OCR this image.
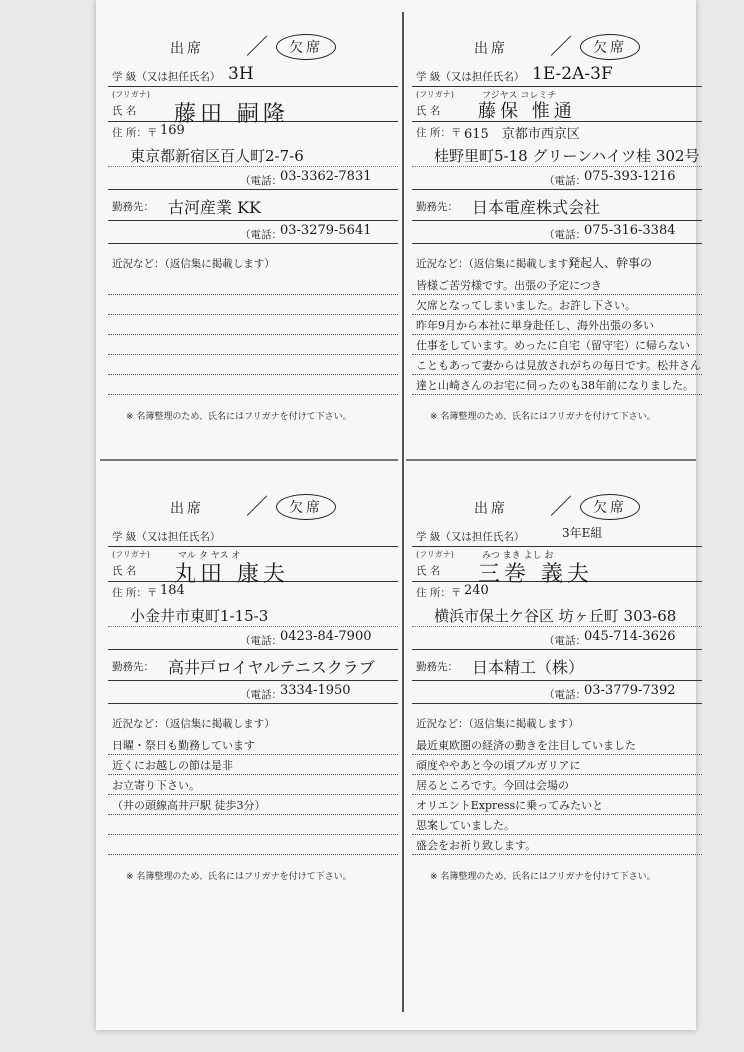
出席 ／	欠席
学 級（又は担任氏名） 3H
(フリガナ)
氏 名 藤田 嗣隆
住 所：〒 169
東京都新宿区百人町2-7-6
（電話：
03-3362-7831
勤務先： 古河産業 KK
（電話：
03-3279-5641
近況など：（返信集に掲載します）
※ 名簿整理のため、氏名にはフリガナを付けて下さい。
出席 ／	欠席
学 級（又は担任氏名） 1E-2A-3F
(フリガナ)	フジヤス コレミチ
氏 名 藤保 惟通
住 所：〒 615　京都市西京区
桂野里町5-18 グリーンハイツ桂 302号
（電話：
075-393-1216
勤務先： 日本電産株式会社
（電話：
075-316-3384
近況など：（返信集に掲載します）
発起人、幹事の
皆様ご苦労様です。出張の予定につき
欠席となってしまいました。お許し下さい。
昨年9月から本社に単身赴任し、海外出張の多い
仕事をしています。めったに自宅（留守宅）に帰らない
こともあって妻からは見放されがちの毎日です。松井さん
達と山崎さんのお宅に伺ったのも38年前になりました。
※ 名簿整理のため、氏名にはフリガナを付けて下さい。
出席 ／	欠席
学 級（又は担任氏名）
(フリガナ)	マル タ ヤス オ
氏 名 丸田 康夫
住 所：〒 184
小金井市東町1-15-3
（電話：
0423-84-7900
勤務先： 高井戸ロイヤルテニスクラブ
（電話：
3334-1950
近況など：（返信集に掲載します）
日曜・祭日も勤務しています
近くにお越しの節は是非
お立寄り下さい。
（井の頭線高井戸駅 徒歩3分）
※ 名簿整理のため、氏名にはフリガナを付けて下さい。
出席 ／	欠席
学 級（又は担任氏名）	3年E組
(フリガナ)	みつ まき よし お
氏 名 三巻 義夫
住 所：〒 240
横浜市保土ケ谷区 坊ヶ丘町 303-68
（電話：
045-714-3626
勤務先： 日本精工（株）
（電話：
03-3779-7392
近況など：（返信集に掲載します）
最近東欧圏の経済の動きを注目していました
頑度ややあと今の頃ブルガリアに
居るところです。今回は会場の
オリエントExpressに乗ってみたいと
思案していました。
盛会をお祈り致します。
※ 名簿整理のため、氏名にはフリガナを付けて下さい。
